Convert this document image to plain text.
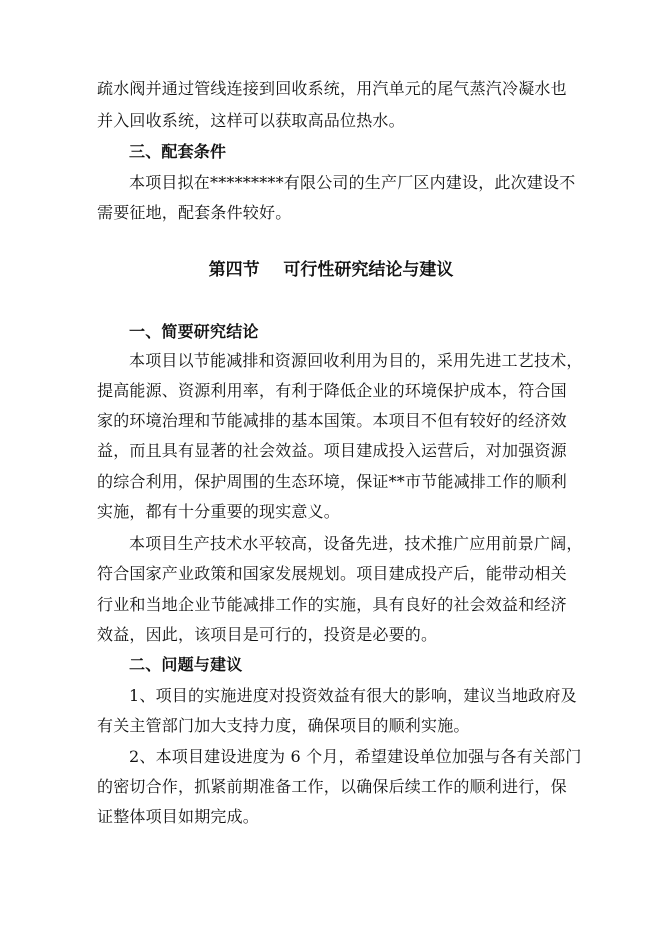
疏水阀并通过管线连接到回收系统，用汽单元的尾气蒸汽冷凝水也
并入回收系统，这样可以获取高品位热水。
三、配套条件
本项目拟在*********有限公司的生产厂区内建设，此次建设不
需要征地，配套条件较好。
第四节    可行性研究结论与建议
一、简要研究结论
本项目以节能减排和资源回收利用为目的，采用先进工艺技术，
提高能源、资源利用率，有利于降低企业的环境保护成本，符合国
家的环境治理和节能减排的基本国策。本项目不但有较好的经济效
益，而且具有显著的社会效益。项目建成投入运营后，对加强资源
的综合利用，保护周围的生态环境，保证**市节能减排工作的顺利
实施，都有十分重要的现实意义。
本项目生产技术水平较高，设备先进，技术推广应用前景广阔，
符合国家产业政策和国家发展规划。项目建成投产后，能带动相关
行业和当地企业节能减排工作的实施，具有良好的社会效益和经济
效益，因此，该项目是可行的，投资是必要的。
二、问题与建议
1、项目的实施进度对投资效益有很大的影响，建议当地政府及
有关主管部门加大支持力度，确保项目的顺利实施。
2、本项目建设进度为 6 个月，希望建设单位加强与各有关部门
的密切合作，抓紧前期准备工作，以确保后续工作的顺利进行，保
证整体项目如期完成。
